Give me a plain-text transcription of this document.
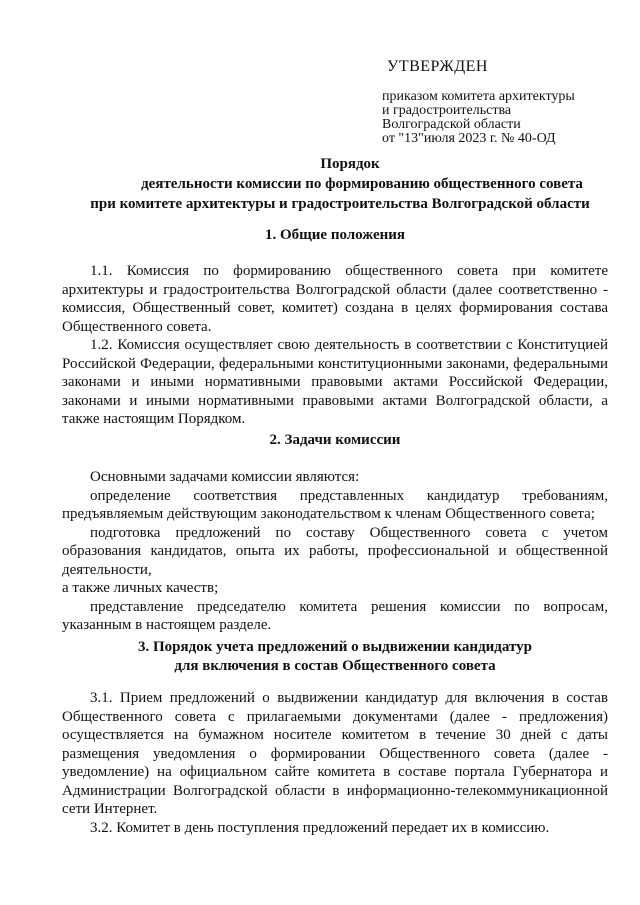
УТВЕРЖДЕН
приказом комитета архитектуры
и градостроительства
Волгоградской области
от "13"июля 2023 г. № 40-ОД
Порядок
деятельности комиссии по формированию общественного совета
при комитете архитектуры и градостроительства Волгоградской области
1. Общие положения

1.1. Комиссия по формированию общественного совета при комитете архитектуры и градостроительства Волгоградской области (далее соответственно - комиссия, Общественный совет, комитет) создана в целях формирования состава Общественного совета.

1.2. Комиссия осуществляет свою деятельность в соответствии с Конституцией Российской Федерации, федеральными конституционными законами, федеральными законами и иными нормативными правовыми актами Российской Федерации, законами и иными нормативными правовыми актами Волгоградской области, а также настоящим Порядком.

2. Задачи комиссии

Основными задачами комиссии являются:

определение соответствия представленных кандидатур требованиям, предъявляемым действующим законодательством к членам Общественного совета;

подготовка предложений по составу Общественного совета с учетом образования кандидатов, опыта их работы, профессиональной и общественной деятельности,

а также личных качеств;

представление председателю комитета решения комиссии по вопросам, указанным в настоящем разделе.

3. Порядок учета предложений о выдвижении кандидатур
для включения в состав Общественного совета

3.1. Прием предложений о выдвижении кандидатур для включения в состав Общественного совета с прилагаемыми документами (далее - предложения) осуществляется на бумажном носителе комитетом в течение 30 дней с даты размещения уведомления о формировании Общественного совета (далее - уведомление) на официальном сайте комитета в составе портала Губернатора и Администрации Волгоградской области в информационно-телекоммуникационной сети Интернет.

3.2. Комитет в день поступления предложений передает их в комиссию.
